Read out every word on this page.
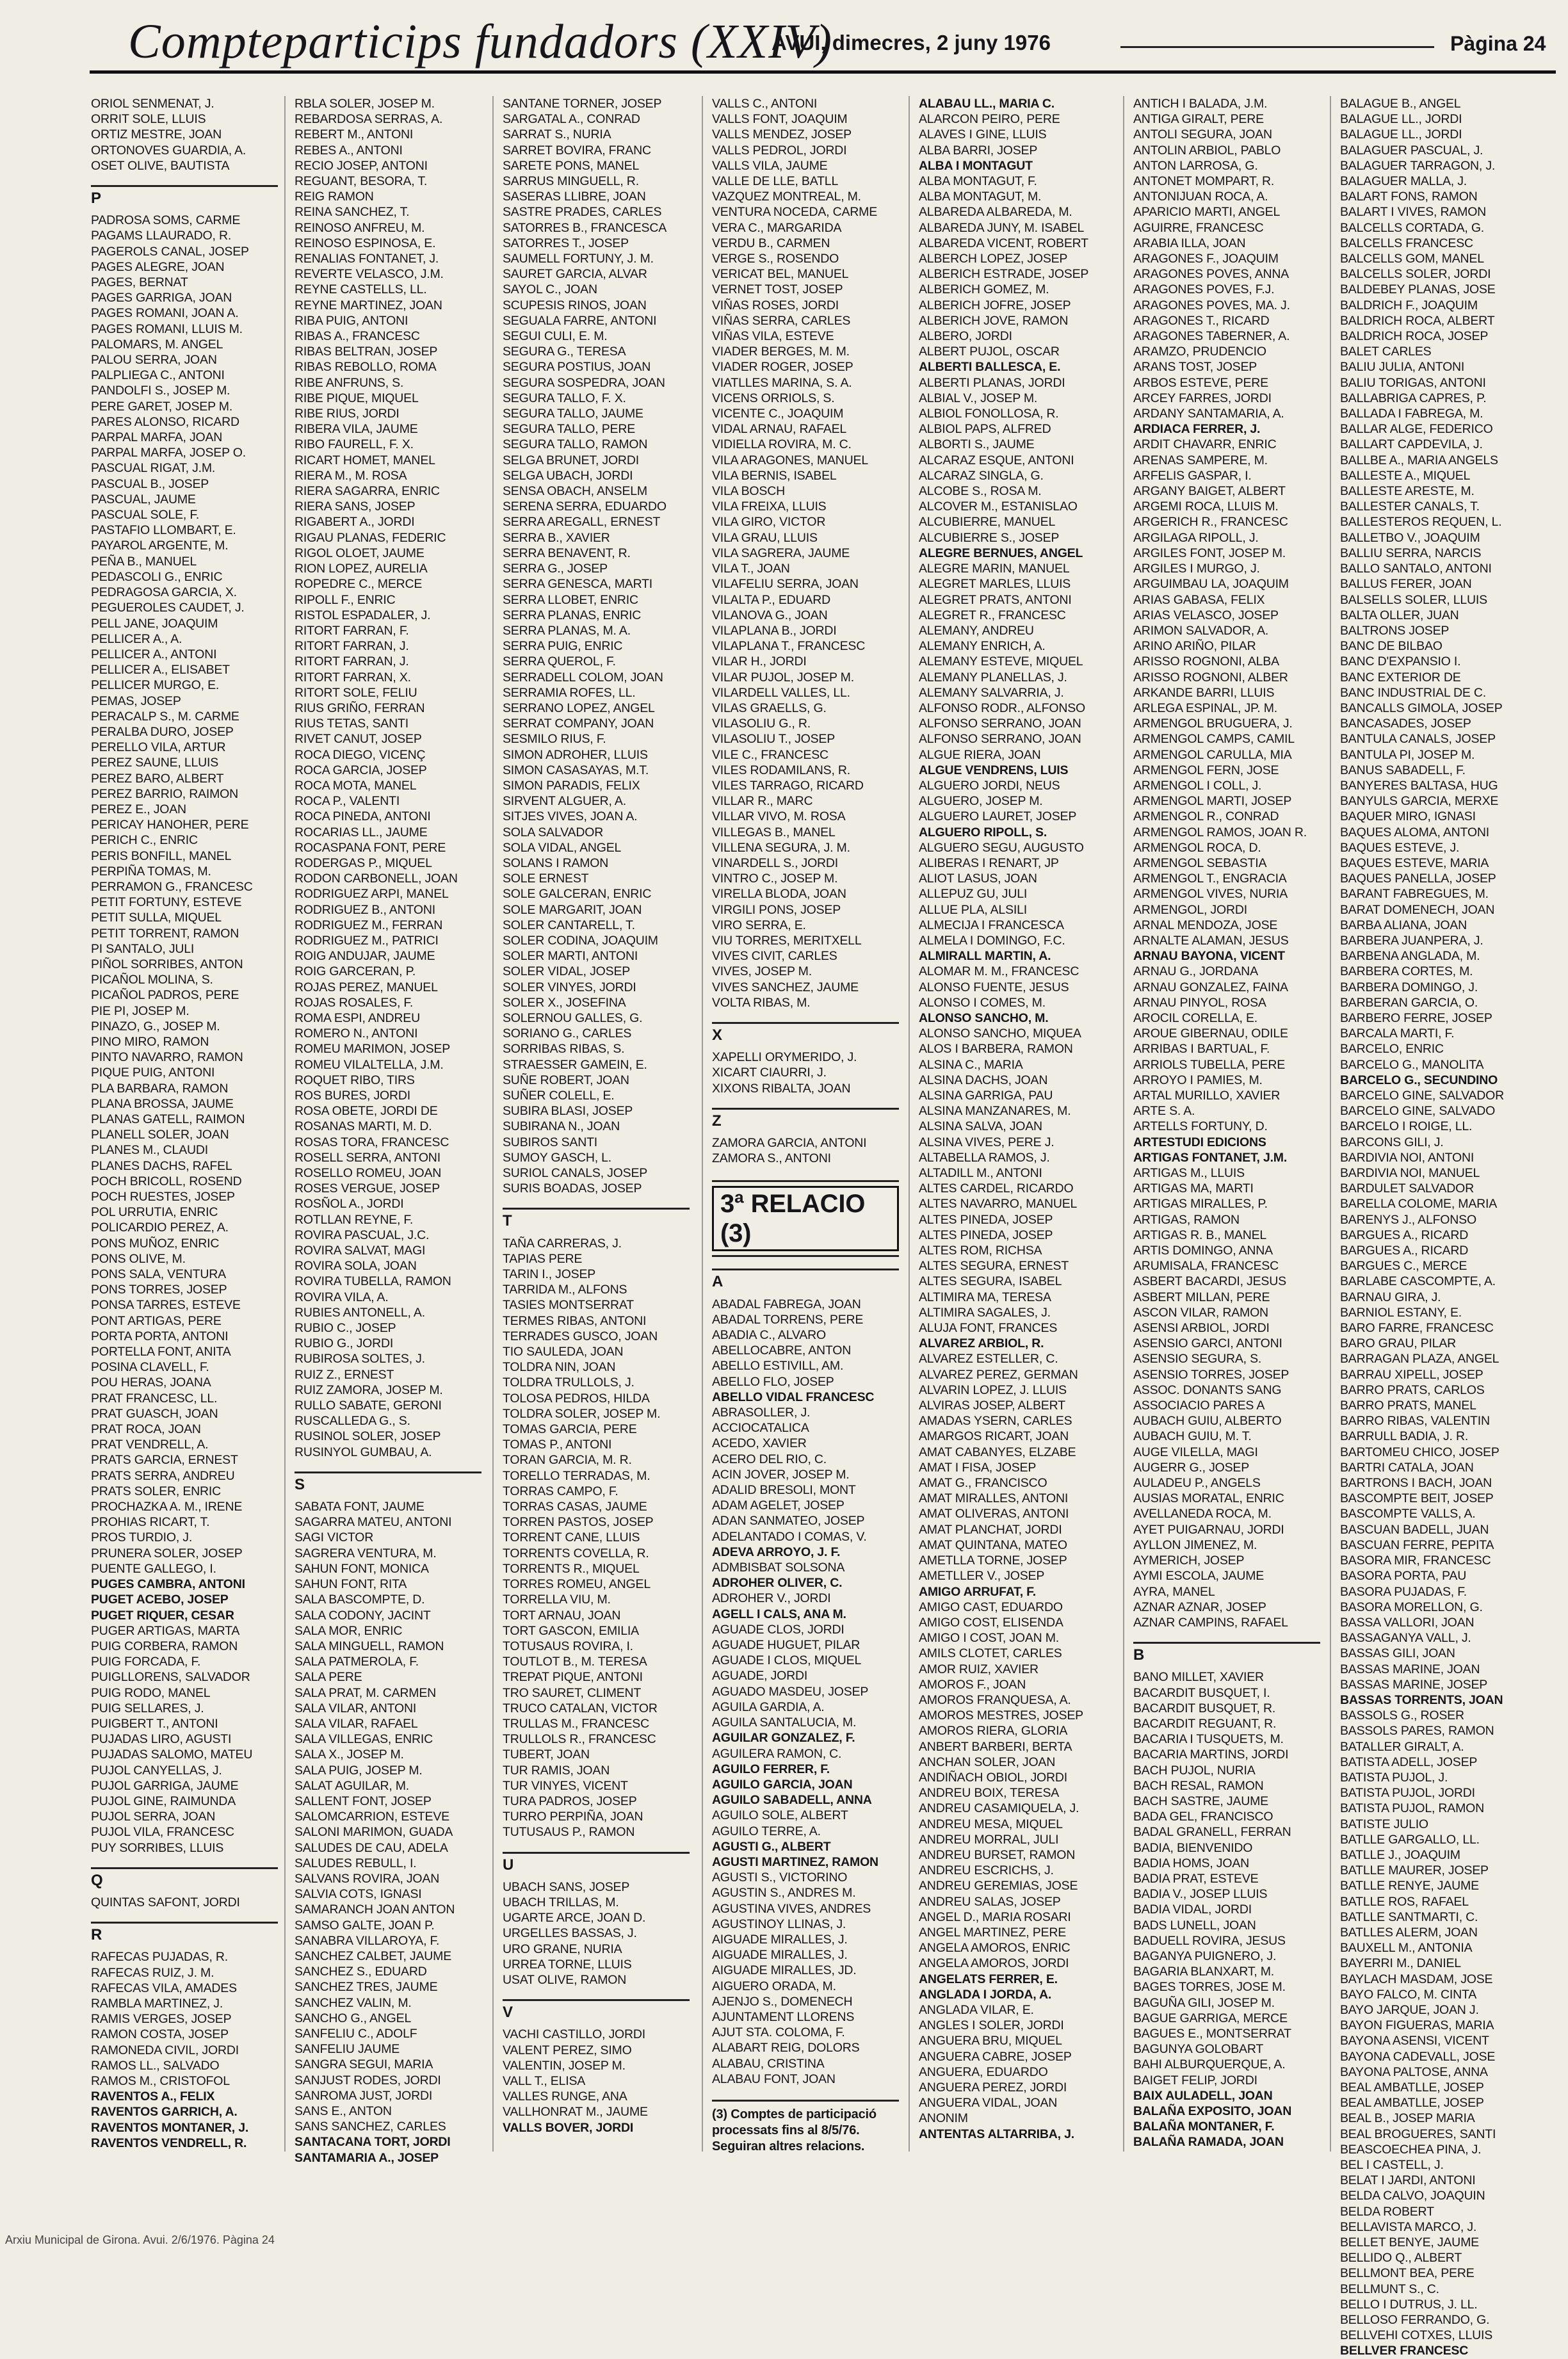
Compteparticips fundadors (XXIV)
AVUI, dimecres, 2 juny 1976	Pàgina 24
ORIOL SENMENAT, J.
ORRIT SOLE, LLUIS
ORTIZ MESTRE, JOAN
ORTONOVES GUARDIA, A.
OSET OLIVE, BAUTISTA
P
PADROSA SOMS, CARME
PAGAMS LLAURADO, R.
PAGEROLS CANAL, JOSEP
PAGES ALEGRE, JOAN
PAGES, BERNAT
PAGES GARRIGA, JOAN
PAGES ROMANI, JOAN A.
PAGES ROMANI, LLUIS M.
PALOMARS, M. ANGEL
PALOU SERRA, JOAN
PALPLIEGA C., ANTONI
PANDOLFI S., JOSEP M.
PERE GARET, JOSEP M.
PARES ALONSO, RICARD
PARPAL MARFA, JOAN
PARPAL MARFA, JOSEP O.
PASCUAL RIGAT, J.M.
PASCUAL B., JOSEP
PASCUAL, JAUME
PASCUAL SOLE, F.
PASTAFIO LLOMBART, E.
PAYAROL ARGENTE, M.
PEÑA B., MANUEL
PEDASCOLI G., ENRIC
PEDRAGOSA GARCIA, X.
PEGUEROLES CAUDET, J.
PELL JANE, JOAQUIM
PELLICER A., A.
PELLICER A., ANTONI
PELLICER A., ELISABET
PELLICER MURGO, E.
PEMAS, JOSEP
PERACALP S., M. CARME
PERALBA DURO, JOSEP
PERELLO VILA, ARTUR
PEREZ SAUNE, LLUIS
PEREZ BARO, ALBERT
PEREZ BARRIO, RAIMON
PEREZ E., JOAN
PERICAY HANOHER, PERE
PERICH C., ENRIC
PERIS BONFILL, MANEL
PERPIÑA TOMAS, M.
PERRAMON G., FRANCESC
PETIT FORTUNY, ESTEVE
PETIT SULLA, MIQUEL
PETIT TORRENT, RAMON
PI SANTALO, JULI
PIÑOL SORRIBES, ANTON
PICAÑOL MOLINA, S.
PICAÑOL PADROS, PERE
PIE PI, JOSEP M.
PINAZO, G., JOSEP M.
PINO MIRO, RAMON
PINTO NAVARRO, RAMON
PIQUE PUIG, ANTONI
PLA BARBARA, RAMON
PLANA BROSSA, JAUME
PLANAS GATELL, RAIMON
PLANELL SOLER, JOAN
PLANES M., CLAUDI
PLANES DACHS, RAFEL
POCH BRICOLL, ROSEND
POCH RUESTES, JOSEP
POL URRUTIA, ENRIC
POLICARDIO PEREZ, A.
PONS MUÑOZ, ENRIC
PONS OLIVE, M.
PONS SALA, VENTURA
PONS TORRES, JOSEP
PONSA TARRES, ESTEVE
PONT ARTIGAS, PERE
PORTA PORTA, ANTONI
PORTELLA FONT, ANITA
POSINA CLAVELL, F.
POU HERAS, JOANA
PRAT FRANCESC, LL.
PRAT GUASCH, JOAN
PRAT ROCA, JOAN
PRAT VENDRELL, A.
PRATS GARCIA, ERNEST
PRATS SERRA, ANDREU
PRATS SOLER, ENRIC
PROCHAZKA A. M., IRENE
PROHIAS RICART, T.
PROS TURDIO, J.
PRUNERA SOLER, JOSEP
PUENTE GALLEGO, I.
PUGES CAMBRA, ANTONI
PUGET ACEBO, JOSEP
PUGET RIQUER, CESAR
PUGER ARTIGAS, MARTA
PUIG CORBERA, RAMON
PUIG FORCADA, F.
PUIGLLORENS, SALVADOR
PUIG RODO, MANEL
PUIG SELLARES, J.
PUIGBERT T., ANTONI
PUJADAS LIRO, AGUSTI
PUJADAS SALOMO, MATEU
PUJOL CANYELLAS, J.
PUJOL GARRIGA, JAUME
PUJOL GINE, RAIMUNDA
PUJOL SERRA, JOAN
PUJOL VILA, FRANCESC
PUY SORRIBES, LLUIS
Q
QUINTAS SAFONT, JORDI
R
RAFECAS PUJADAS, R.
RAFECAS RUIZ, J. M.
RAFECAS VILA, AMADES
RAMBLA MARTINEZ, J.
RAMIS VERGES, JOSEP
RAMON COSTA, JOSEP
RAMONEDA CIVIL, JORDI
RAMOS LL., SALVADO
RAMOS M., CRISTOFOL
RAVENTOS A., FELIX
RAVENTOS GARRICH, A.
RAVENTOS MONTANER, J.
RAVENTOS VENDRELL, R.
RBLA SOLER, JOSEP M.
REBARDOSA SERRAS, A.
REBERT M., ANTONI
REBES A., ANTONI
RECIO JOSEP, ANTONI
REGUANT, BESORA, T.
REIG RAMON
REINA SANCHEZ, T.
REINOSO ANFREU, M.
REINOSO ESPINOSA, E.
RENALIAS FONTANET, J.
REVERTE VELASCO, J.M.
REYNE CASTELLS, LL.
REYNE MARTINEZ, JOAN
RIBA PUIG, ANTONI
RIBAS A., FRANCESC
RIBAS BELTRAN, JOSEP
RIBAS REBOLLO, ROMA
RIBE ANFRUNS, S.
RIBE PIQUE, MIQUEL
RIBE RIUS, JORDI
RIBERA VILA, JAUME
RIBO FAURELL, F. X.
RICART HOMET, MANEL
RIERA M., M. ROSA
RIERA SAGARRA, ENRIC
RIERA SANS, JOSEP
RIGABERT A., JORDI
RIGAU PLANAS, FEDERIC
RIGOL OLOET, JAUME
RION LOPEZ, AURELIA
ROPEDRE C., MERCE
RIPOLL F., ENRIC
RISTOL ESPADALER, J.
RITORT FARRAN, F.
RITORT FARRAN, J.
RITORT FARRAN, J.
RITORT FARRAN, X.
RITORT SOLE, FELIU
RIUS GRIÑO, FERRAN
RIUS TETAS, SANTI
RIVET CANUT, JOSEP
ROCA DIEGO, VICENÇ
ROCA GARCIA, JOSEP
ROCA MOTA, MANEL
ROCA P., VALENTI
ROCA PINEDA, ANTONI
ROCARIAS LL., JAUME
ROCASPANA FONT, PERE
RODERGAS P., MIQUEL
RODON CARBONELL, JOAN
RODRIGUEZ ARPI, MANEL
RODRIGUEZ B., ANTONI
RODRIGUEZ M., FERRAN
RODRIGUEZ M., PATRICI
ROIG ANDUJAR, JAUME
ROIG GARCERAN, P.
ROJAS PEREZ, MANUEL
ROJAS ROSALES, F.
ROMA ESPI, ANDREU
ROMERO N., ANTONI
ROMEU MARIMON, JOSEP
ROMEU VILALTELLA, J.M.
ROQUET RIBO, TIRS
ROS BURES, JORDI
ROSA OBETE, JORDI DE
ROSANAS MARTI, M. D.
ROSAS TORA, FRANCESC
ROSELL SERRA, ANTONI
ROSELLO ROMEU, JOAN
ROSES VERGUE, JOSEP
ROSÑOL A., JORDI
ROTLLAN REYNE, F.
ROVIRA PASCUAL, J.C.
ROVIRA SALVAT, MAGI
ROVIRA SOLA, JOAN
ROVIRA TUBELLA, RAMON
ROVIRA VILA, A.
RUBIES ANTONELL, A.
RUBIO C., JOSEP
RUBIO G., JORDI
RUBIROSA SOLTES, J.
RUIZ Z., ERNEST
RUIZ ZAMORA, JOSEP M.
RULLO SABATE, GERONI
RUSCALLEDA G., S.
RUSINOL SOLER, JOSEP
RUSINYOL GUMBAU, A.
S
SABATA FONT, JAUME
SAGARRA MATEU, ANTONI
SAGI VICTOR
SAGRERA VENTURA, M.
SAHUN FONT, MONICA
SAHUN FONT, RITA
SALA BASCOMPTE, D.
SALA CODONY, JACINT
SALA MOR, ENRIC
SALA MINGUELL, RAMON
SALA PATMEROLA, F.
SALA PERE
SALA PRAT, M. CARMEN
SALA VILAR, ANTONI
SALA VILAR, RAFAEL
SALA VILLEGAS, ENRIC
SALA X., JOSEP M.
SALA PUIG, JOSEP M.
SALAT AGUILAR, M.
SALLENT FONT, JOSEP
SALOMCARRION, ESTEVE
SALONI MARIMON, GUADA
SALUDES DE CAU, ADELA
SALUDES REBULL, I.
SALVANS ROVIRA, JOAN
SALVIA COTS, IGNASI
SAMARANCH JOAN ANTON
SAMSO GALTE, JOAN P.
SANABRA VILLAROYA, F.
SANCHEZ CALBET, JAUME
SANCHEZ S., EDUARD
SANCHEZ TRES, JAUME
SANCHEZ VALIN, M.
SANCHO G., ANGEL
SANFELIU C., ADOLF
SANFELIU JAUME
SANGRA SEGUI, MARIA
SANJUST RODES, JORDI
SANROMA JUST, JORDI
SANS E., ANTON
SANS SANCHEZ, CARLES
SANTACANA TORT, JORDI
SANTAMARIA A., JOSEP
SANTANE TORNER, JOSEP
SARGATAL A., CONRAD
SARRAT S., NURIA
SARRET BOVIRA, FRANC
SARETE PONS, MANEL
SARRUS MINGUELL, R.
SASERAS LLIBRE, JOAN
SASTRE PRADES, CARLES
SATORRES B., FRANCESCA
SATORRES T., JOSEP
SAUMELL FORTUNY, J. M.
SAURET GARCIA, ALVAR
SAYOL C., JOAN
SCUPESIS RINOS, JOAN
SEGUALA FARRE, ANTONI
SEGUI CULI, E. M.
SEGURA G., TERESA
SEGURA POSTIUS, JOAN
SEGURA SOSPEDRA, JOAN
SEGURA TALLO, F. X.
SEGURA TALLO, JAUME
SEGURA TALLO, PERE
SEGURA TALLO, RAMON
SELGA BRUNET, JORDI
SELGA UBACH, JORDI
SENSA OBACH, ANSELM
SERENA SERRA, EDUARDO
SERRA AREGALL, ERNEST
SERRA B., XAVIER
SERRA BENAVENT, R.
SERRA G., JOSEP
SERRA GENESCA, MARTI
SERRA LLOBET, ENRIC
SERRA PLANAS, ENRIC
SERRA PLANAS, M. A.
SERRA PUIG, ENRIC
SERRA QUEROL, F.
SERRADELL COLOM, JOAN
SERRAMIA ROFES, LL.
SERRANO LOPEZ, ANGEL
SERRAT COMPANY, JOAN
SESMILO RIUS, F.
SIMON ADROHER, LLUIS
SIMON CASASAYAS, M.T.
SIMON PARADIS, FELIX
SIRVENT ALGUER, A.
SITJES VIVES, JOAN A.
SOLA SALVADOR
SOLA VIDAL, ANGEL
SOLANS I RAMON
SOLE ERNEST
SOLE GALCERAN, ENRIC
SOLE MARGARIT, JOAN
SOLER CANTARELL, T.
SOLER CODINA, JOAQUIM
SOLER MARTI, ANTONI
SOLER VIDAL, JOSEP
SOLER VINYES, JORDI
SOLER X., JOSEFINA
SOLERNOU GALLES, G.
SORIANO G., CARLES
SORRIBAS RIBAS, S.
STRAESSER GAMEIN, E.
SUÑE ROBERT, JOAN
SUÑER COLELL, E.
SUBIRA BLASI, JOSEP
SUBIRANA N., JOAN
SUBIROS SANTI
SUMOY GASCH, L.
SURIOL CANALS, JOSEP
SURIS BOADAS, JOSEP
T
TAÑA CARRERAS, J.
TAPIAS PERE
TARIN I., JOSEP
TARRIDA M., ALFONS
TASIES MONTSERRAT
TERMES RIBAS, ANTONI
TERRADES GUSCO, JOAN
TIO SAULEDA, JOAN
TOLDRA NIN, JOAN
TOLDRA TRULLOLS, J.
TOLOSA PEDROS, HILDA
TOLDRA SOLER, JOSEP M.
TOMAS GARCIA, PERE
TOMAS P., ANTONI
TORAN GARCIA, M. R.
TORELLO TERRADAS, M.
TORRAS CAMPO, F.
TORRAS CASAS, JAUME
TORREN PASTOS, JOSEP
TORRENT CANE, LLUIS
TORRENTS COVELLA, R.
TORRENTS R., MIQUEL
TORRES ROMEU, ANGEL
TORRELLA VIU, M.
TORT ARNAU, JOAN
TORT GASCON, EMILIA
TOTUSAUS ROVIRA, I.
TOUTLOT B., M. TERESA
TREPAT PIQUE, ANTONI
TRO SAURET, CLIMENT
TRUCO CATALAN, VICTOR
TRULLAS M., FRANCESC
TRULLOLS R., FRANCESC
TUBERT, JOAN
TUR RAMIS, JOAN
TUR VINYES, VICENT
TURA PADROS, JOSEP
TURRO PERPIÑA, JOAN
TUTUSAUS P., RAMON
U
UBACH SANS, JOSEP
UBACH TRILLAS, M.
UGARTE ARCE, JOAN D.
URGELLES BASSAS, J.
URO GRANE, NURIA
URREA TORNE, LLUIS
USAT OLIVE, RAMON
V
VACHI CASTILLO, JORDI
VALENT PEREZ, SIMO
VALENTIN, JOSEP M.
VALL T., ELISA
VALLES RUNGE, ANA
VALLHONRAT M., JAUME
VALLS BOVER, JORDI
VALLS C., ANTONI
VALLS FONT, JOAQUIM
VALLS MENDEZ, JOSEP
VALLS PEDROL, JORDI
VALLS VILA, JAUME
VALLE DE LLE, BATLL
VAZQUEZ MONTREAL, M.
VENTURA NOCEDA, CARME
VERA C., MARGARIDA
VERDU B., CARMEN
VERGE S., ROSENDO
VERICAT BEL, MANUEL
VERNET TOST, JOSEP
VIÑAS ROSES, JORDI
VIÑAS SERRA, CARLES
VIÑAS VILA, ESTEVE
VIADER BERGES, M. M.
VIADER ROGER, JOSEP
VIATLLES MARINA, S. A.
VICENS ORRIOLS, S.
VICENTE C., JOAQUIM
VIDAL ARNAU, RAFAEL
VIDIELLA ROVIRA, M. C.
VILA ARAGONES, MANUEL
VILA BERNIS, ISABEL
VILA BOSCH
VILA FREIXA, LLUIS
VILA GIRO, VICTOR
VILA GRAU, LLUIS
VILA SAGRERA, JAUME
VILA T., JOAN
VILAFELIU SERRA, JOAN
VILALTA P., EDUARD
VILANOVA G., JOAN
VILAPLANA B., JORDI
VILAPLANA T., FRANCESC
VILAR H., JORDI
VILAR PUJOL, JOSEP M.
VILARDELL VALLES, LL.
VILAS GRAELLS, G.
VILASOLIU G., R.
VILASOLIU T., JOSEP
VILE C., FRANCESC
VILES RODAMILANS, R.
VILES TARRAGO, RICARD
VILLAR R., MARC
VILLAR VIVO, M. ROSA
VILLEGAS B., MANEL
VILLENA SEGURA, J. M.
VINARDELL S., JORDI
VINTRO C., JOSEP M.
VIRELLA BLODA, JOAN
VIRGILI PONS, JOSEP
VIRO SERRA, E.
VIU TORRES, MERITXELL
VIVES CIVIT, CARLES
VIVES, JOSEP M.
VIVES SANCHEZ, JAUME
VOLTA RIBAS, M.
X
XAPELLI ORYMERIDO, J.
XICART CIAURRI, J.
XIXONS RIBALTA, JOAN
Z
ZAMORA GARCIA, ANTONI
ZAMORA S., ANTONI
3ª RELACIO (3)
A
ABADAL FABREGA, JOAN
ABADAL TORRENS, PERE
ABADIA C., ALVARO
ABELLOCABRE, ANTON
ABELLO ESTIVILL, AM.
ABELLO FLO, JOSEP
ABELLO VIDAL FRANCESC
ABRASOLLER, J.
ACCIOCATALICA
ACEDO, XAVIER
ACERO DEL RIO, C.
ACIN JOVER, JOSEP M.
ADALID BRESOLI, MONT
ADAM AGELET, JOSEP
ADAN SANMATEO, JOSEP
ADELANTADO I COMAS, V.
ADEVA ARROYO, J. F.
ADMBISBAT SOLSONA
ADROHER OLIVER, C.
ADROHER V., JORDI
AGELL I CALS, ANA M.
AGUADE CLOS, JORDI
AGUADE HUGUET, PILAR
AGUADE I CLOS, MIQUEL
AGUADE, JORDI
AGUADO MASDEU, JOSEP
AGUILA GARDIA, A.
AGUILA SANTALUCIA, M.
AGUILAR GONZALEZ, F.
AGUILERA RAMON, C.
AGUILO FERRER, F.
AGUILO GARCIA, JOAN
AGUILO SABADELL, ANNA
AGUILO SOLE, ALBERT
AGUILO TERRE, A.
AGUSTI G., ALBERT
AGUSTI MARTINEZ, RAMON
AGUSTI S., VICTORINO
AGUSTIN S., ANDRES M.
AGUSTINA VIVES, ANDRES
AGUSTINOY LLINAS, J.
AIGUADE MIRALLES, J.
AIGUADE MIRALLES, J.
AIGUADE MIRALLES, JD.
AIGUERO ORADA, M.
AJENJO S., DOMENECH
AJUNTAMENT LLORENS
AJUT STA. COLOMA, F.
ALABART REIG, DOLORS
ALABAU, CRISTINA
ALABAU FONT, JOAN
(3) Comptes de participació processats fins al 8/5/76. Seguiran altres relacions.
ALABAU LL., MARIA C.
ALARCON PEIRO, PERE
ALAVES I GINE, LLUIS
ALBA BARRI, JOSEP
ALBA I MONTAGUT
ALBA MONTAGUT, F.
ALBA MONTAGUT, M.
ALBAREDA ALBAREDA, M.
ALBAREDA JUNY, M. ISABEL
ALBAREDA VICENT, ROBERT
ALBERCH LOPEZ, JOSEP
ALBERICH ESTRADE, JOSEP
ALBERICH GOMEZ, M.
ALBERICH JOFRE, JOSEP
ALBERICH JOVE, RAMON
ALBERO, JORDI
ALBERT PUJOL, OSCAR
ALBERTI BALLESCA, E.
ALBERTI PLANAS, JORDI
ALBIAL V., JOSEP M.
ALBIOL FONOLLOSA, R.
ALBIOL PAPS, ALFRED
ALBORTI S., JAUME
ALCARAZ ESQUE, ANTONI
ALCARAZ SINGLA, G.
ALCOBE S., ROSA M.
ALCOVER M., ESTANISLAO
ALCUBIERRE, MANUEL
ALCUBIERRE S., JOSEP
ALEGRE BERNUES, ANGEL
ALEGRE MARIN, MANUEL
ALEGRET MARLES, LLUIS
ALEGRET PRATS, ANTONI
ALEGRET R., FRANCESC
ALEMANY, ANDREU
ALEMANY ENRICH, A.
ALEMANY ESTEVE, MIQUEL
ALEMANY PLANELLAS, J.
ALEMANY SALVARRIA, J.
ALFONSO RODR., ALFONSO
ALFONSO SERRANO, JOAN
ALFONSO SERRANO, JOAN
ALGUE RIERA, JOAN
ALGUE VENDRENS, LUIS
ALGUERO JORDI, NEUS
ALGUERO, JOSEP M.
ALGUERO LAURET, JOSEP
ALGUERO RIPOLL, S.
ALGUERO SEGU, AUGUSTO
ALIBERAS I RENART, JP
ALIOT LASUS, JOAN
ALLEPUZ GU, JULI
ALLUE PLA, ALSILI
ALMECIJA I FRANCESCA
ALMELA I DOMINGO, F.C.
ALMIRALL MARTIN, A.
ALOMAR M. M., FRANCESC
ALONSO FUENTE, JESUS
ALONSO I COMES, M.
ALONSO SANCHO, M.
ALONSO SANCHO, MIQUEA
ALOS I BARBERA, RAMON
ALSINA C., MARIA
ALSINA DACHS, JOAN
ALSINA GARRIGA, PAU
ALSINA MANZANARES, M.
ALSINA SALVA, JOAN
ALSINA VIVES, PERE J.
ALTABELLA RAMOS, J.
ALTADILL M., ANTONI
ALTES CARDEL, RICARDO
ALTES NAVARRO, MANUEL
ALTES PINEDA, JOSEP
ALTES PINEDA, JOSEP
ALTES ROM, RICHSA
ALTES SEGURA, ERNEST
ALTES SEGURA, ISABEL
ALTIMIRA MA, TERESA
ALTIMIRA SAGALES, J.
ALUJA FONT, FRANCES
ALVAREZ ARBIOL, R.
ALVAREZ ESTELLER, C.
ALVAREZ PEREZ, GERMAN
ALVARIN LOPEZ, J. LLUIS
ALVIRAS JOSEP, ALBERT
AMADAS YSERN, CARLES
AMARGOS RICART, JOAN
AMAT CABANYES, ELZABE
AMAT I FISA, JOSEP
AMAT G., FRANCISCO
AMAT MIRALLES, ANTONI
AMAT OLIVERAS, ANTONI
AMAT PLANCHAT, JORDI
AMAT QUINTANA, MATEO
AMETLLA TORNE, JOSEP
AMETLLER V., JOSEP
AMIGO ARRUFAT, F.
AMIGO CAST, EDUARDO
AMIGO COST, ELISENDA
AMIGO I COST, JOAN M.
AMILS CLOTET, CARLES
AMOR RUIZ, XAVIER
AMOROS F., JOAN
AMOROS FRANQUESA, A.
AMOROS MESTRES, JOSEP
AMOROS RIERA, GLORIA
ANBERT BARBERI, BERTA
ANCHAN SOLER, JOAN
ANDIÑACH OBIOL, JORDI
ANDREU BOIX, TERESA
ANDREU CASAMIQUELA, J.
ANDREU MESA, MIQUEL
ANDREU MORRAL, JULI
ANDREU BURSET, RAMON
ANDREU ESCRICHS, J.
ANDREU GEREMIAS, JOSE
ANDREU SALAS, JOSEP
ANGEL D., MARIA ROSARI
ANGEL MARTINEZ, PERE
ANGELA AMOROS, ENRIC
ANGELA AMOROS, JORDI
ANGELATS FERRER, E.
ANGLADA I JORDA, A.
ANGLADA VILAR, E.
ANGLES I SOLER, JORDI
ANGUERA BRU, MIQUEL
ANGUERA CABRE, JOSEP
ANGUERA, EDUARDO
ANGUERA PEREZ, JORDI
ANGUERA VIDAL, JOAN
ANONIM
ANTENTAS ALTARRIBA, J.
ANTICH I BALADA, J.M.
ANTIGA GIRALT, PERE
ANTOLI SEGURA, JOAN
ANTOLIN ARBIOL, PABLO
ANTON LARROSA, G.
ANTONET MOMPART, R.
ANTONIJUAN ROCA, A.
APARICIO MARTI, ANGEL
AGUIRRE, FRANCESC
ARABIA ILLA, JOAN
ARAGONES F., JOAQUIM
ARAGONES POVES, ANNA
ARAGONES POVES, F.J.
ARAGONES POVES, MA. J.
ARAGONES T., RICARD
ARAGONES TABERNER, A.
ARAMZO, PRUDENCIO
ARANS TOST, JOSEP
ARBOS ESTEVE, PERE
ARCEY FARRES, JORDI
ARDANY SANTAMARIA, A.
ARDIACA FERRER, J.
ARDIT CHAVARR, ENRIC
ARENAS SAMPERE, M.
ARFELIS GASPAR, I.
ARGANY BAIGET, ALBERT
ARGEMI ROCA, LLUIS M.
ARGERICH R., FRANCESC
ARGILAGA RIPOLL, J.
ARGILES FONT, JOSEP M.
ARGILES I MURGO, J.
ARGUIMBAU LA, JOAQUIM
ARIAS GABASA, FELIX
ARIAS VELASCO, JOSEP
ARIMON SALVADOR, A.
ARINO ARIÑO, PILAR
ARISSO ROGNONI, ALBA
ARISSO ROGNONI, ALBER
ARKANDE BARRI, LLUIS
ARLEGA ESPINAL, JP. M.
ARMENGOL BRUGUERA, J.
ARMENGOL CAMPS, CAMIL
ARMENGOL CARULLA, MIA
ARMENGOL FERN, JOSE
ARMENGOL I COLL, J.
ARMENGOL MARTI, JOSEP
ARMENGOL R., CONRAD
ARMENGOL RAMOS, JOAN R.
ARMENGOL ROCA, D.
ARMENGOL SEBASTIA
ARMENGOL T., ENGRACIA
ARMENGOL VIVES, NURIA
ARMENGOL, JORDI
ARNAL MENDOZA, JOSE
ARNALTE ALAMAN, JESUS
ARNAU BAYONA, VICENT
ARNAU G., JORDANA
ARNAU GONZALEZ, FAINA
ARNAU PINYOL, ROSA
AROCIL CORELLA, E.
AROUE GIBERNAU, ODILE
ARRIBAS I BARTUAL, F.
ARRIOLS TUBELLA, PERE
ARROYO I PAMIES, M.
ARTAL MURILLO, XAVIER
ARTE S. A.
ARTELLS FORTUNY, D.
ARTESTUDI EDICIONS
ARTIGAS FONTANET, J.M.
ARTIGAS M., LLUIS
ARTIGAS MA, MARTI
ARTIGAS MIRALLES, P.
ARTIGAS, RAMON
ARTIGAS R. B., MANEL
ARTIS DOMINGO, ANNA
ARUMISALA, FRANCESC
ASBERT BACARDI, JESUS
ASBERT MILLAN, PERE
ASCON VILAR, RAMON
ASENSI ARBIOL, JORDI
ASENSIO GARCI, ANTONI
ASENSIO SEGURA, S.
ASENSIO TORRES, JOSEP
ASSOC. DONANTS SANG
ASSOCIACIO PARES A
AUBACH GUIU, ALBERTO
AUBACH GUIU, M. T.
AUGE VILELLA, MAGI
AUGERR G., JOSEP
AULADEU P., ANGELS
AUSIAS MORATAL, ENRIC
AVELLANEDA ROCA, M.
AYET PUIGARNAU, JORDI
AYLLON JIMENEZ, M.
AYMERICH, JOSEP
AYMI ESCOLA, JAUME
AYRA, MANEL
AZNAR AZNAR, JOSEP
AZNAR CAMPINS, RAFAEL
B
BANO MILLET, XAVIER
BACARDIT BUSQUET, I.
BACARDIT BUSQUET, R.
BACARDIT REGUANT, R.
BACARIA I TUSQUETS, M.
BACARIA MARTINS, JORDI
BACH PUJOL, NURIA
BACH RESAL, RAMON
BACH SASTRE, JAUME
BADA GEL, FRANCISCO
BADAL GRANELL, FERRAN
BADIA, BIENVENIDO
BADIA HOMS, JOAN
BADIA PRAT, ESTEVE
BADIA V., JOSEP LLUIS
BADIA VIDAL, JORDI
BADS LUNELL, JOAN
BADUELL ROVIRA, JESUS
BAGANYA PUIGNERO, J.
BAGARIA BLANXART, M.
BAGES TORRES, JOSE M.
BAGUÑA GILI, JOSEP M.
BAGUE GARRIGA, MERCE
BAGUES E., MONTSERRAT
BAGUNYA GOLOBART
BAHI ALBURQUERQUE, A.
BAIGET FELIP, JORDI
BAIX AULADELL, JOAN
BALAÑA EXPOSITO, JOAN
BALAÑA MONTANER, F.
BALAÑA RAMADA, JOAN
BALAGUE B., ANGEL
BALAGUE LL., JORDI
BALAGUE LL., JORDI
BALAGUER PASCUAL, J.
BALAGUER TARRAGON, J.
BALAGUER MALLA, J.
BALART FONS, RAMON
BALART I VIVES, RAMON
BALCELLS CORTADA, G.
BALCELLS FRANCESC
BALCELLS GOM, MANEL
BALCELLS SOLER, JORDI
BALDEBEY PLANAS, JOSE
BALDRICH F., JOAQUIM
BALDRICH ROCA, ALBERT
BALDRICH ROCA, JOSEP
BALET CARLES
BALIU JULIA, ANTONI
BALIU TORIGAS, ANTONI
BALLABRIGA CAPRES, P.
BALLADA I FABREGA, M.
BALLAR ALGE, FEDERICO
BALLART CAPDEVILA, J.
BALLBE A., MARIA ANGELS
BALLESTE A., MIQUEL
BALLESTE ARESTE, M.
BALLESTER CANALS, T.
BALLESTEROS REQUEN, L.
BALLETBO V., JOAQUIM
BALLIU SERRA, NARCIS
BALLO SANTALO, ANTONI
BALLUS FERER, JOAN
BALSELLS SOLER, LLUIS
BALTA OLLER, JUAN
BALTRONS JOSEP
BANC DE BILBAO
BANC D'EXPANSIO I.
BANC EXTERIOR DE
BANC INDUSTRIAL DE C.
BANCALLS GIMOLA, JOSEP
BANCASADES, JOSEP
BANTULA CANALS, JOSEP
BANTULA PI, JOSEP M.
BANUS SABADELL, F.
BANYERES BALTASA, HUG
BANYULS GARCIA, MERXE
BAQUER MIRO, IGNASI
BAQUES ALOMA, ANTONI
BAQUES ESTEVE, J.
BAQUES ESTEVE, MARIA
BAQUES PANELLA, JOSEP
BARANT FABREGUES, M.
BARAT DOMENECH, JOAN
BARBA ALIANA, JOAN
BARBERA JUANPERA, J.
BARBENA ANGLADA, M.
BARBERA CORTES, M.
BARBERA DOMINGO, J.
BARBERAN GARCIA, O.
BARBERO FERRE, JOSEP
BARCALA MARTI, F.
BARCELO, ENRIC
BARCELO G., MANOLITA
BARCELO G., SECUNDINO
BARCELO GINE, SALVADOR
BARCELO GINE, SALVADO
BARCELO I ROIGE, LL.
BARCONS GILI, J.
BARDIVIA NOI, ANTONI
BARDIVIA NOI, MANUEL
BARDULET SALVADOR
BARELLA COLOME, MARIA
BARENYS J., ALFONSO
BARGUES A., RICARD
BARGUES A., RICARD
BARGUES C., MERCE
BARLABE CASCOMPTE, A.
BARNAU GIRA, J.
BARNIOL ESTANY, E.
BARO FARRE, FRANCESC
BARO GRAU, PILAR
BARRAGAN PLAZA, ANGEL
BARRAU XIPELL, JOSEP
BARRO PRATS, CARLOS
BARRO PRATS, MANEL
BARRO RIBAS, VALENTIN
BARRULL BADIA, J. R.
BARTOMEU CHICO, JOSEP
BARTRI CATALA, JOAN
BARTRONS I BACH, JOAN
BASCOMPTE BEIT, JOSEP
BASCOMPTE VALLS, A.
BASCUAN BADELL, JUAN
BASCUAN FERRE, PEPITA
BASORA MIR, FRANCESC
BASORA PORTA, PAU
BASORA PUJADAS, F.
BASORA MORELLON, G.
BASSA VALLORI, JOAN
BASSAGANYA VALL, J.
BASSAS GILI, JOAN
BASSAS MARINE, JOAN
BASSAS MARINE, JOSEP
BASSAS TORRENTS, JOAN
BASSOLS G., ROSER
BASSOLS PARES, RAMON
BATALLER GIRALT, A.
BATISTA ADELL, JOSEP
BATISTA PUJOL, J.
BATISTA PUJOL, JORDI
BATISTA PUJOL, RAMON
BATISTE JULIO
BATLLE GARGALLO, LL.
BATLLE J., JOAQUIM
BATLLE MAURER, JOSEP
BATLLE RENYE, JAUME
BATLLE ROS, RAFAEL
BATLLE SANTMARTI, C.
BATLLES ALERM, JOAN
BAUXELL M., ANTONIA
BAYERRI M., DANIEL
BAYLACH MASDAM, JOSE
BAYO FALCO, M. CINTA
BAYO JARQUE, JOAN J.
BAYON FIGUERAS, MARIA
BAYONA ASENSI, VICENT
BAYONA CADEVALL, JOSE
BAYONA PALTOSE, ANNA
BEAL AMBATLLE, JOSEP
BEAL AMBATLLE, JOSEP
BEAL B., JOSEP MARIA
BEAL BROGUERES, SANTI
BEASCOECHEA PINA, J.
BEL I CASTELL, J.
BELAT I JARDI, ANTONI
BELDA CALVO, JOAQUIN
BELDA ROBERT
BELLAVISTA MARCO, J.
BELLET BENYE, JAUME
BELLIDO Q., ALBERT
BELLMONT BEA, PERE
BELLMUNT S., C.
BELLO I DUTRUS, J. LL.
BELLOSO FERRANDO, G.
BELLVEHI COTXES, LLUIS
BELLVER FRANCESC
Arxiu Municipal de Girona. Avui. 2/6/1976. Pàgina 24
